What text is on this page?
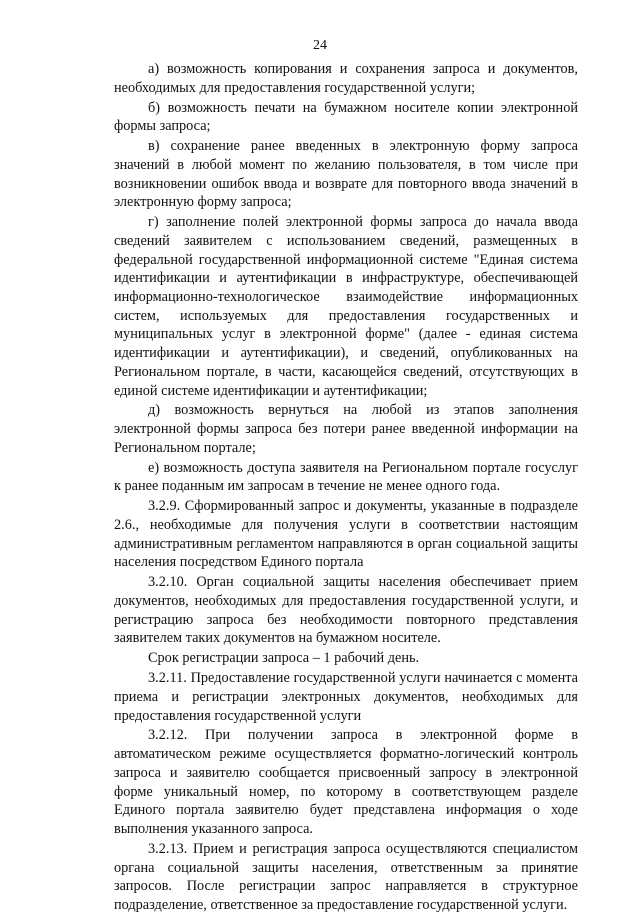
24

а) возможность копирования и сохранения запроса и документов, необходимых для предоставления государственной услуги;

б) возможность печати на бумажном носителе копии электронной формы запроса;

в) сохранение ранее введенных в электронную форму запроса значений в любой момент по желанию пользователя, в том числе при возникновении ошибок ввода и возврате для повторного ввода значений в электронную форму запроса;

г) заполнение полей электронной формы запроса до начала ввода сведений заявителем с использованием сведений, размещенных в федеральной государственной информационной системе "Единая система идентификации и аутентификации в инфраструктуре, обеспечивающей информационно-технологическое взаимодействие информационных систем, используемых для предоставления государственных и муниципальных услуг в электронной форме" (далее - единая система идентификации и аутентификации), и сведений, опубликованных на Региональном портале, в части, касающейся сведений, отсутствующих в единой системе идентификации и аутентификации;

д) возможность вернуться на любой из этапов заполнения электронной формы запроса без потери ранее введенной информации на Региональном портале;

е) возможность доступа заявителя на Региональном портале госуслуг к ранее поданным им запросам в течение не менее одного года.

3.2.9. Сформированный запрос и документы, указанные в подразделе 2.6., необходимые для получения услуги в соответствии настоящим административным регламентом направляются в орган социальной защиты населения посредством Единого портала

3.2.10. Орган социальной защиты населения обеспечивает прием документов, необходимых для предоставления государственной услуги, и регистрацию запроса без необходимости повторного представления заявителем таких документов на бумажном носителе.

Срок регистрации запроса – 1 рабочий день.

3.2.11. Предоставление государственной услуги начинается с момента приема и регистрации электронных документов, необходимых для предоставления государственной услуги

3.2.12. При получении запроса в электронной форме в автоматическом режиме осуществляется форматно-логический контроль запроса и заявителю сообщается присвоенный запросу в электронной форме уникальный номер, по которому в соответствующем разделе Единого портала заявителю будет представлена информация о ходе выполнения указанного запроса.

3.2.13. Прием и регистрация запроса осуществляются специалистом органа социальной защиты населения, ответственным за принятие запросов. После регистрации запрос направляется в структурное подразделение, ответственное за предоставление государственной услуги.
